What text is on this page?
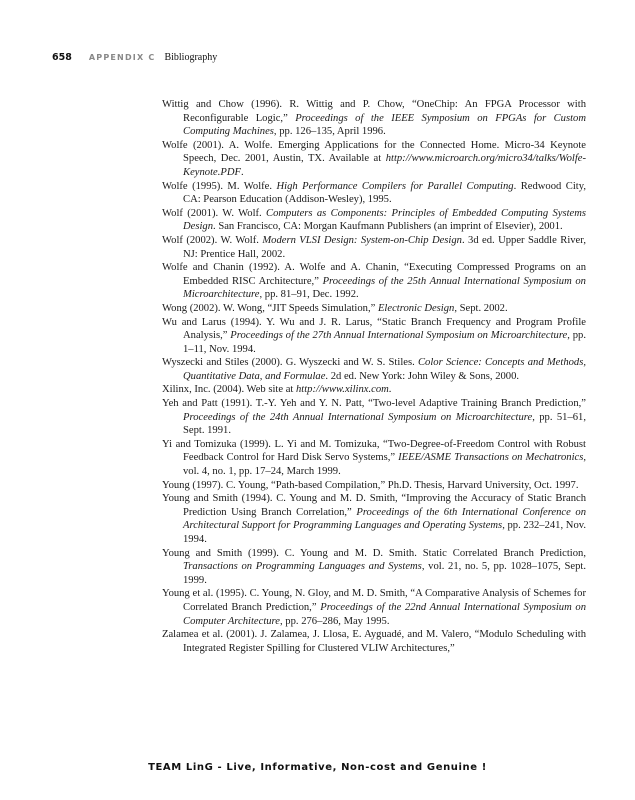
658 APPENDIX C Bibliography

Wittig and Chow (1996). R. Wittig and P. Chow, “OneChip: An FPGA Processor with Reconfigurable Logic,” Proceedings of the IEEE Symposium on FPGAs for Custom Computing Machines, pp. 126–135, April 1996.

Wolfe (2001). A. Wolfe. Emerging Applications for the Connected Home. Micro-34 Keynote Speech, Dec. 2001, Austin, TX. Available at http://www.microarch.org/micro34/talks/Wolfe-Keynote.PDF.

Wolfe (1995). M. Wolfe. High Performance Compilers for Parallel Computing. Redwood City, CA: Pearson Education (Addison-Wesley), 1995.

Wolf (2001). W. Wolf. Computers as Components: Principles of Embedded Computing Systems Design. San Francisco, CA: Morgan Kaufmann Publishers (an imprint of Elsevier), 2001.

Wolf (2002). W. Wolf. Modern VLSI Design: System-on-Chip Design. 3d ed. Upper Saddle River, NJ: Prentice Hall, 2002.

Wolfe and Chanin (1992). A. Wolfe and A. Chanin, “Executing Compressed Programs on an Embedded RISC Architecture,” Proceedings of the 25th Annual International Symposium on Microarchitecture, pp. 81–91, Dec. 1992.

Wong (2002). W. Wong, “JIT Speeds Simulation,” Electronic Design, Sept. 2002.

Wu and Larus (1994). Y. Wu and J. R. Larus, “Static Branch Frequency and Program Profile Analysis,” Proceedings of the 27th Annual International Symposium on Microarchitecture, pp. 1–11, Nov. 1994.

Wyszecki and Stiles (2000). G. Wyszecki and W. S. Stiles. Color Science: Concepts and Methods, Quantitative Data, and Formulae. 2d ed. New York: John Wiley & Sons, 2000.

Xilinx, Inc. (2004). Web site at http://www.xilinx.com.

Yeh and Patt (1991). T.-Y. Yeh and Y. N. Patt, “Two-level Adaptive Training Branch Prediction,” Proceedings of the 24th Annual International Symposium on Microarchitecture, pp. 51–61, Sept. 1991.

Yi and Tomizuka (1999). L. Yi and M. Tomizuka, “Two-Degree-of-Freedom Control with Robust Feedback Control for Hard Disk Servo Systems,” IEEE/ASME Transactions on Mechatronics, vol. 4, no. 1, pp. 17–24, March 1999.

Young (1997). C. Young, “Path-based Compilation,” Ph.D. Thesis, Harvard University, Oct. 1997.

Young and Smith (1994). C. Young and M. D. Smith, “Improving the Accuracy of Static Branch Prediction Using Branch Correlation,” Proceedings of the 6th International Conference on Architectural Support for Programming Languages and Operating Systems, pp. 232–241, Nov. 1994.

Young and Smith (1999). C. Young and M. D. Smith. Static Correlated Branch Prediction, Transactions on Programming Languages and Systems, vol. 21, no. 5, pp. 1028–1075, Sept. 1999.

Young et al. (1995). C. Young, N. Gloy, and M. D. Smith, “A Comparative Analysis of Schemes for Correlated Branch Prediction,” Proceedings of the 22nd Annual International Symposium on Computer Architecture, pp. 276–286, May 1995.

Zalamea et al. (2001). J. Zalamea, J. Llosa, E. Ayguadé, and M. Valero, “Modulo Scheduling with Integrated Register Spilling for Clustered VLIW Architectures,”

TEAM LinG - Live, Informative, Non-cost and Genuine !
